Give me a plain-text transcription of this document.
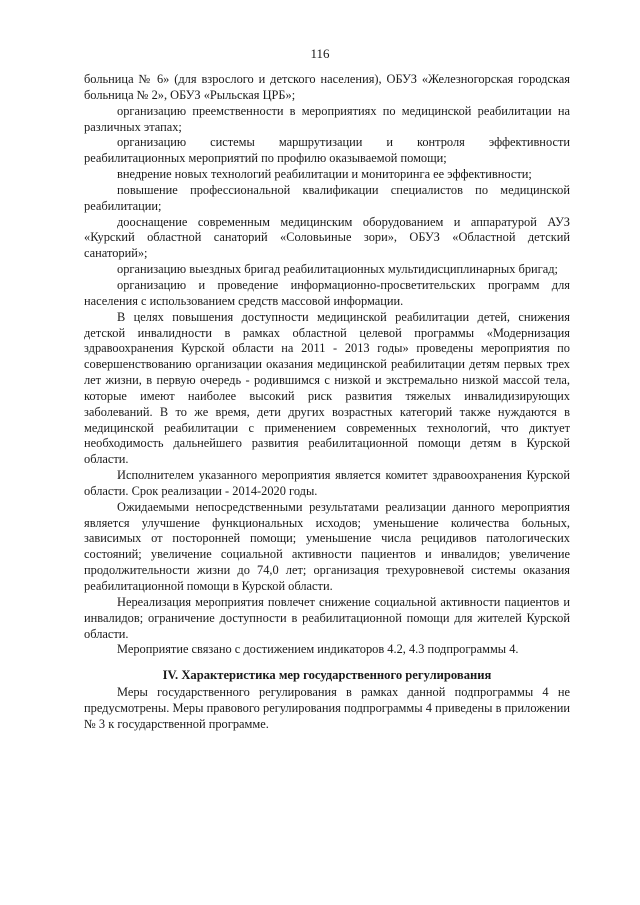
116

больница № 6» (для взрослого и детского населения), ОБУЗ «Железногорская городская больница № 2», ОБУЗ «Рыльская ЦРБ»;

организацию преемственности в мероприятиях по медицинской реабилитации на различных этапах;

организацию системы маршрутизации и контроля эффективности реабилитационных мероприятий по профилю оказываемой помощи;

внедрение новых технологий реабилитации и мониторинга ее эффективности;

повышение профессиональной квалификации специалистов по медицинской реабилитации;

дооснащение современным медицинским оборудованием и аппаратурой АУЗ «Курский областной санаторий «Соловьиные зори», ОБУЗ «Областной детский санаторий»;

организацию выездных бригад реабилитационных мультидисциплинарных бригад;

организацию и проведение информационно-просветительских программ для населения с использованием средств массовой информации.

В целях повышения доступности медицинской реабилитации детей, снижения детской инвалидности в рамках областной целевой программы «Модернизация здравоохранения Курской области на 2011 - 2013 годы» проведены мероприятия по совершенствованию организации оказания медицинской реабилитации детям первых трех лет жизни, в первую очередь - родившимся с низкой и экстремально низкой массой тела, которые имеют наиболее высокий риск развития тяжелых инвалидизирующих заболеваний. В то же время, дети других возрастных категорий также нуждаются в медицинской реабилитации с применением современных технологий, что диктует необходимость дальнейшего развития реабилитационной помощи детям в Курской области.

Исполнителем указанного мероприятия является комитет здравоохранения Курской области. Срок реализации - 2014-2020 годы.

Ожидаемыми непосредственными результатами реализации данного мероприятия является улучшение функциональных исходов; уменьшение количества больных, зависимых от посторонней помощи; уменьшение числа рецидивов патологических состояний; увеличение социальной активности пациентов и инвалидов; увеличение продолжительности жизни до 74,0 лет; организация трехуровневой системы оказания реабилитационной помощи в Курской области.

Нереализация мероприятия повлечет снижение социальной активности пациентов и инвалидов; ограничение доступности в реабилитационной помощи для жителей Курской области.

Мероприятие связано с достижением индикаторов 4.2, 4.3 подпрограммы 4.

IV. Характеристика мер государственного регулирования

Меры государственного регулирования в рамках данной подпрограммы 4 не предусмотрены. Меры правового регулирования подпрограммы 4 приведены в приложении № 3 к государственной программе.
